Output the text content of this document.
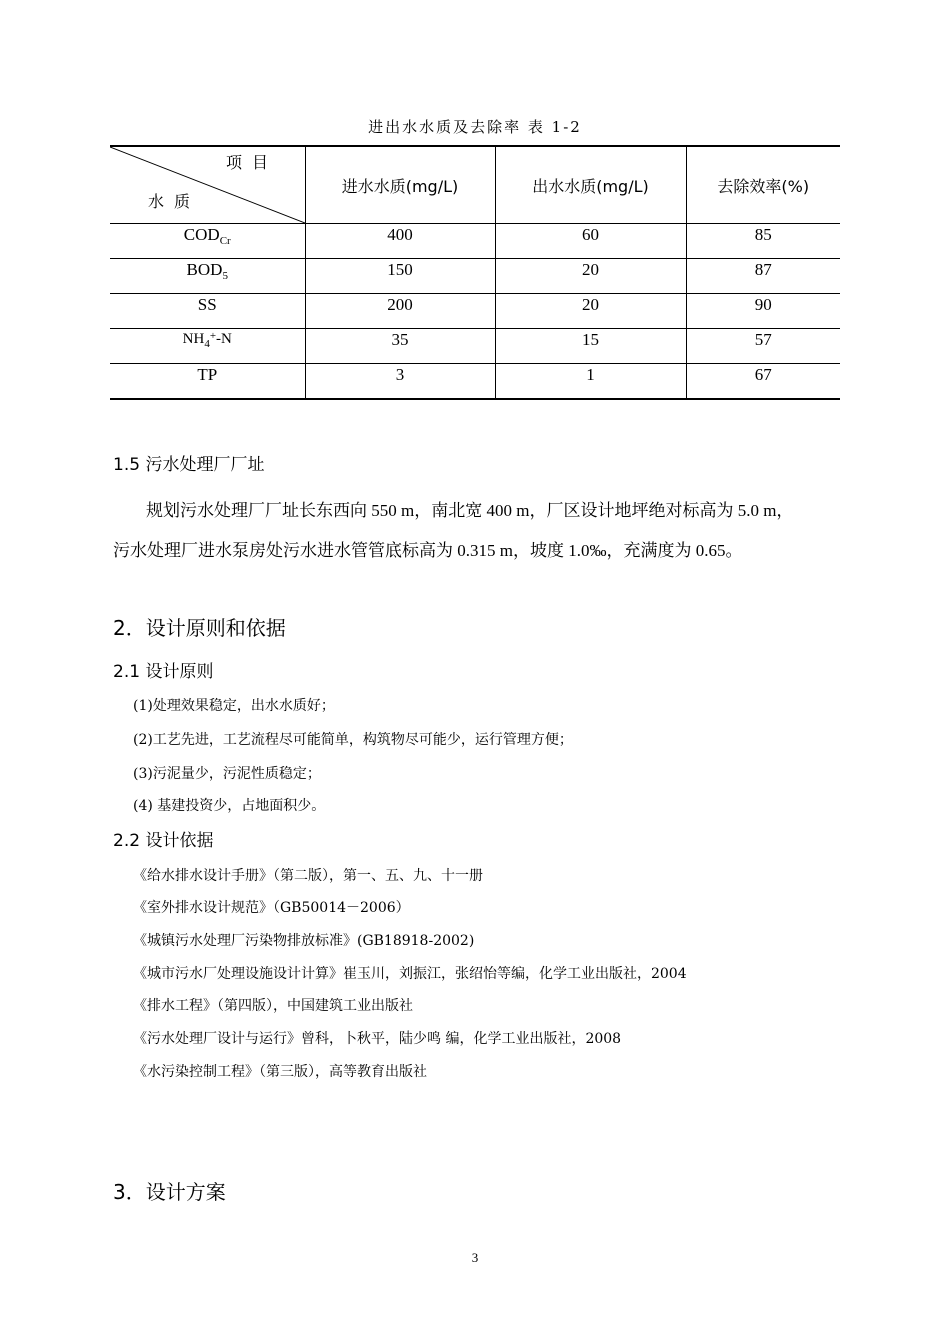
进出水水质及去除率 表 1-2
项目
水质	进水水质(mg/L)	出水水质(mg/L)	去除效率(%)
$COD_{Cr}$	400	60	85
$BOD_5$	150	20	87
SS	200	20	90
$NH_4^+-N$	35	15	57
TP	3	1	67
1.5 污水处理厂厂址
规划污水处理厂厂址长东西向 550 m，南北宽 400 m，厂区设计地坪绝对标高为 5.0 m，
污水处理厂进水泵房处污水进水管管底标高为 0.315 m，坡度 1.0‰，充满度为 0.65。
2．设计原则和依据
2.1 设计原则
(1)处理效果稳定，出水水质好；
(2)工艺先进，工艺流程尽可能简单，构筑物尽可能少，运行管理方便；
(3)污泥量少，污泥性质稳定；
(4) 基建投资少，占地面积少。
2.2 设计依据
《给水排水设计手册》（第二版），第一、五、九、十一册
《室外排水设计规范》（GB50014－2006）
《城镇污水处理厂污染物排放标准》(GB18918-2002)
《城市污水厂处理设施设计计算》崔玉川，刘振江，张绍怡等编，化学工业出版社，2004
《排水工程》（第四版），中国建筑工业出版社
《污水处理厂设计与运行》曾科，卜秋平，陆少鸣 编，化学工业出版社，2008
《水污染控制工程》（第三版），高等教育出版社
3．设计方案
3
